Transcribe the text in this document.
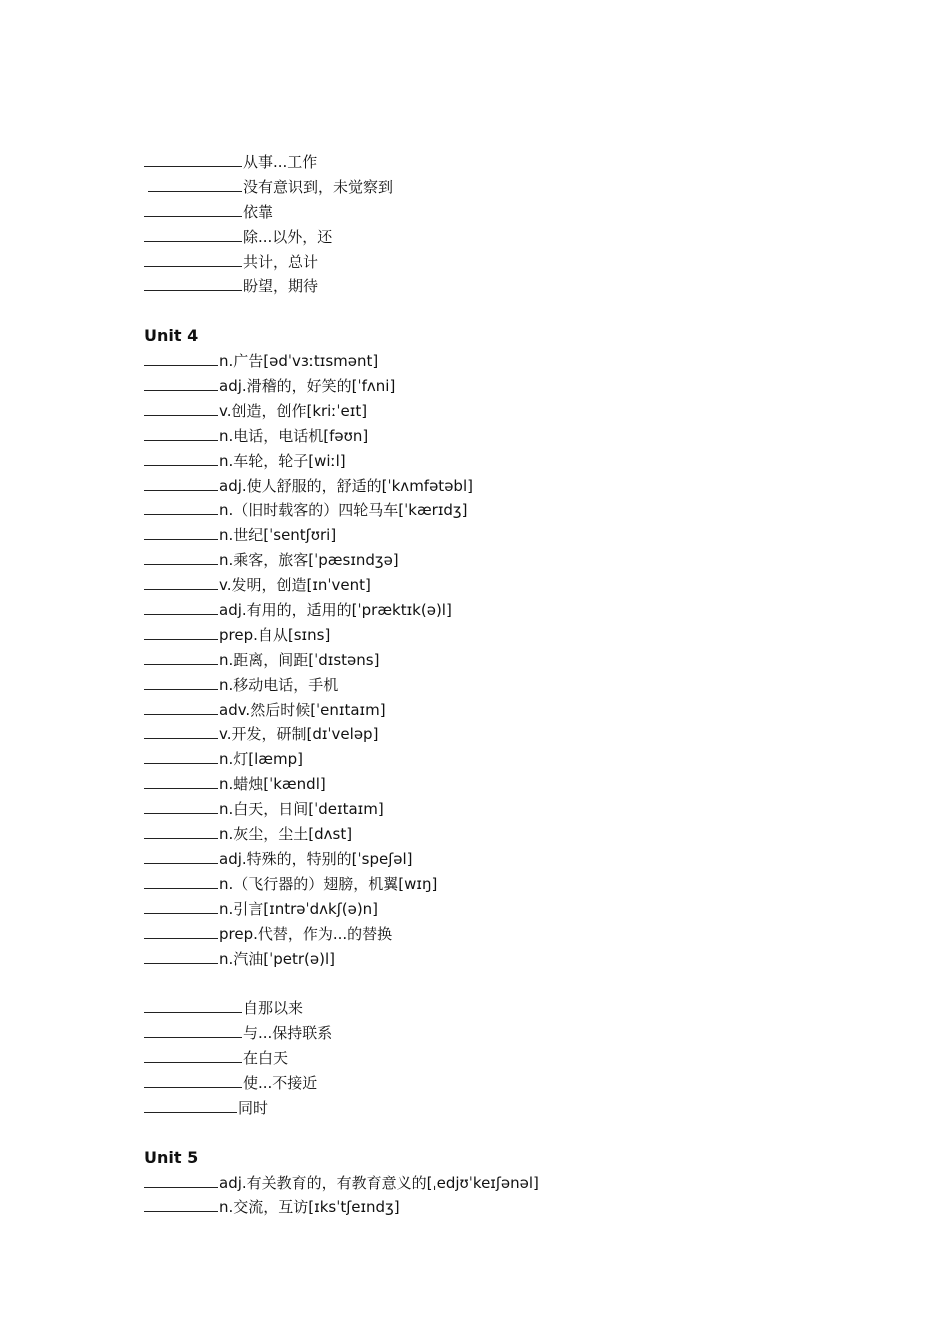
从事...工作
没有意识到，未觉察到
依靠
除...以外，还
共计，总计
盼望，期待
Unit 4
n.广告[ədˈvɜːtɪsmənt]
adj.滑稽的，好笑的[ˈfʌni]
v.创造，创作[kriːˈeɪt]
n.电话，电话机[fəʊn]
n.车轮，轮子[wiːl]
adj.使人舒服的，舒适的[ˈkʌmfətəbl]
n.（旧时载客的）四轮马车[ˈkærɪdʒ]
n.世纪[ˈsentʃʊri]
n.乘客，旅客[ˈpæsɪndʒə]
v.发明，创造[ɪnˈvent]
adj.有用的，适用的[ˈpræktɪk(ə)l]
prep.自从[sɪns]
n.距离，间距[ˈdɪstəns]
n.移动电话，手机
adv.然后时候[ˈenɪtaɪm]
v.开发，研制[dɪˈveləp]
n.灯[læmp]
n.蜡烛[ˈkændl]
n.白天，日间[ˈdeɪtaɪm]
n.灰尘，尘土[dʌst]
adj.特殊的，特别的[ˈspeʃəl]
n.（飞行器的）翅膀，机翼[wɪŋ]
n.引言[ɪntrəˈdʌkʃ(ə)n]
prep.代替，作为...的替换
n.汽油[ˈpetr(ə)l]
自那以来
与...保持联系
在白天
使...不接近
同时
Unit 5
adj.有关教育的，有教育意义的[ˌedjʊˈkeɪʃənəl]
n.交流，互访[ɪksˈtʃeɪndʒ]
